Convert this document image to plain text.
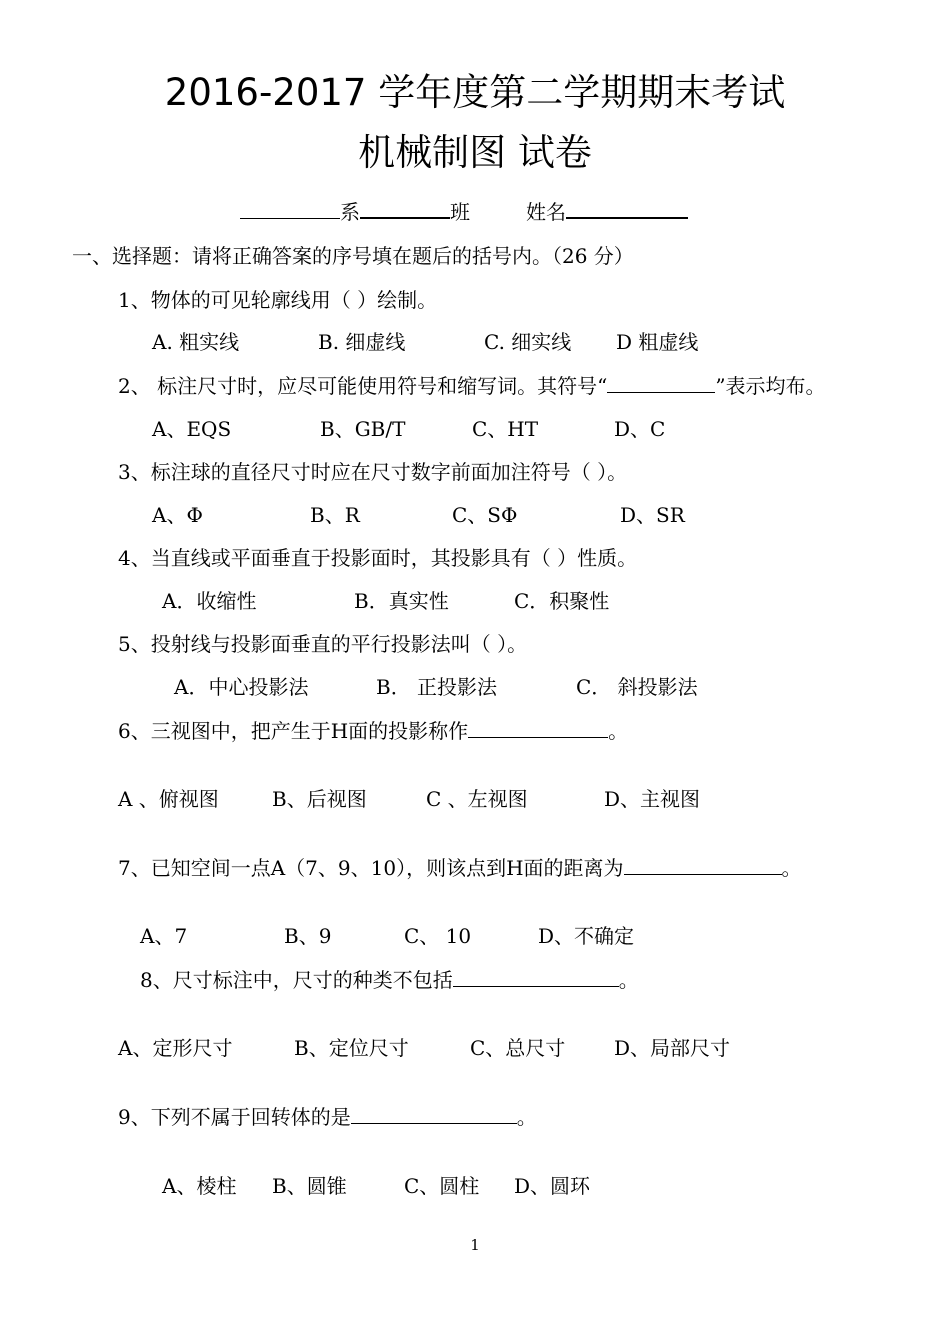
2016-2017 学年度第二学期期末考试
机械制图 试卷
系	班	姓名
一、选择题：请将正确答案的序号填在题后的括号内。（26 分）
1、物体的可见轮廓线用（ ）绘制。
A. 粗实线	B. 细虚线	C. 细实线 D 粗虚线
2、 标注尺寸时，应尽可能使用符号和缩写词。其符号“	”表示均布。
A、EQS	B、GB/T	C、HT	D、C
3、标注球的直径尺寸时应在尺寸数字前面加注符号（ ）。
A、Φ	B、R	C、SΦ	D、SR
4、当直线或平面垂直于投影面时，其投影具有（ ）性质。
A．收缩性	B．真实性	C．积聚性
5、投射线与投影面垂直的平行投影法叫（ ）。
A．中心投影法	B． 正投影法	C． 斜投影法
6、三视图中，把产生于H面的投影称作	。
A 、俯视图	B、后视图	C 、左视图	D、主视图
7、已知空间一点A（7、9、10），则该点到H面的距离为	。
A、7	B、9	C、 10	D、不确定
8、尺寸标注中，尺寸的种类不包括	。
A、定形尺寸	B、定位尺寸	C、总尺寸 D、局部尺寸
9、下列不属于回转体的是	。
A、棱柱 B、圆锥	C、圆柱 D、圆环
1
